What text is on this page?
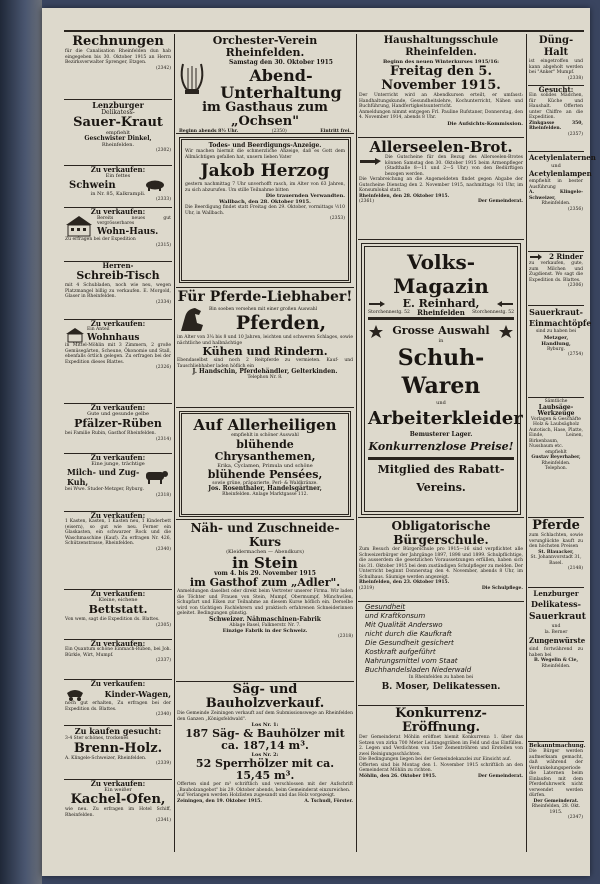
Rechnungen

für die Canalisation Rheinfelden dun hab eingegeben bis 30. Oktober 1915 an Herrn Bezirksverwalter Sprenger, Etzgen.

(2342)

Lenzburger

Delikatess-

Sauer-Kraut

empfiehlt

Geschwister Dinkel,

Rheinfelden.

(2302)

Zu verkaufen:

Ein fettes

Schwein

in Nr. 85, Kalkrampli.

(2333)

Zu verkaufen:

Bereits neues gut vergrösserbares

Wohn-Haus.

Zu erfragen bei der Expedition

(2315)

Herren-

Schreib-Tisch

mit 4 Schubladen, noch wie neu, wegen Platzmangel billig zu verkaufen. E. Morgold, Glaser in Rheinfelden.

(2334)

Zu verkaufen:

Ein Anteil

Wohnhaus

in Mittel-Möhlin mit 3 Zimmern, 2 große Gemüsegärten, Scheune, Ökonomie und Stall, ebenfalls örtlich gelegen. Zu erfragen bei der Expedition dieses Blattes.

(2326)

Zu verkaufen:

Gute und gesunde gelbe

Pfälzer-Rüben

bei Familie Rubin, Gasthof Rheinfelden.

(2314)

Zu verkaufen:

Eine junge, trächtige

Milch- und Zug-Kuh,

bei Wwe. Studer-Metzger, Ryburg.

(2318)

Zu verkaufen:

1 Kasten, Kasten, 1 Kasten neu, 1 Kinderbett (eisern), so gut wie neu. Ferner ein Glaskasten, ein schwarzer Rock und die Waschmaschine (Kauf). Zu erfragen Nr. 426, Schützenstrasse, Rheinfelden.

(2340)

Zu verkaufen:

Kleine, eichene

Bettstatt.

Von wem, sagt die Expedition ds. Blattes.

(2305)

Zu verkaufen:

Ein Quantum schöne Einmach-Rüben, bei Joh. Bürkle, Wirt, Mumpf.

(2337)

Zu verkaufen:

Kinder-Wagen,

noch gut erhalten, Zu erfragen bei der Expedition ds. Blattes.

(2340)

Zu kaufen gesucht:

3-4 Ster schönes, trockenes

Brenn-Holz.

A. Klingele-Schweizer, Rheinfelden.

(2339)

Zu verkaufen:

Ein weißer

Kachel-Ofen,

wie neu. Zu erfragen im Hotel Schiff, Rheinfelden.

(2341)

Orchester-Verein Rheinfelden.

Samstag den 30. Oktober 1915

Abend-Unterhaltung

im Gasthaus zum „Ochsen"

Beginn abends 8½ Uhr.	(2350)	Eintritt frei.

Todes- und Beerdigungs-Anzeige.

Wir machen hiermit die schmerzliche Anzeige, daß es Gott dem Allmächtigen gefallen hat, unsern lieben Vater

Jakob Herzog

gestern nachmittag 7 Uhr unverhofft rasch, im Alter von 63 Jahren, zu sich abzurufen. Um stille Teilnahme bitten

Die trauernden Verwandten.

Wallbach, den 28. Oktober 1915.

Die Beerdigung findet statt Freitag den 29. Oktober, vormittags ½10 Uhr, in Wallbach.

(2353)

Für Pferde-Liebhaber!

Bin soeben versehen mit einer großen Auswahl

Pferden,

im Alter von 3¼ bis 8 und 10 Jahren, leichten und schweren Schlages, sowie nächtliche und halbnächtige

Kühen und Rindern.

Ebendaselbst sind noch 2 Reitpferde zu vermieten. Kauf- und Tauschliebhaber laden höflich ein

J. Handschin, Pferdehändler, Gelterkinden.

Telephon Nr. 8.

Auf Allerheiligen

empfiehlt in schöner Auswahl

blühende Chrysanthemen,

Erika, Cyclamen, Primula und schöne

blühende Pensées,

sowie grüne, präparierte, Perl- & Waldkränze.

Jos. Rosenthaler, Handelsgärtner,

Rheinfelden. Anlage Marktgasse 112.

Näh- und Zuschneide-Kurs

(Kleidermachen — Abendkurs)

in Stein

vom 4. bis 29. November 1915

im Gasthof zum „Adler".

Anmeldungen daselbst oder direkt beim Vertreter unserer Firma. Wir laden die Töchter und Frauen von Stein, Mumpf, Obermumpf, Münchwilen, Schupfart und Eiken zur Teilnahme an diesem Kurse höflich ein. Derselbe wird von tüchtigen Fachlehrern und praktisch erfahrenen Schneiderinnen geleitet. Bedingungen günstig.

Schweizer. Nähmaschinen-Fabrik

Ablage Basel, Falknerstr. Nr. 7.

Einzige Fabrik in der Schweiz.

(2318)

Säg- und Bauholzverkauf.

Die Gemeinde Zeiningen verkauft auf dem Submissionswege an Rheinfelden den Ganzen „Königsfeldwald".

Los Nr. 1:

187 Säg- & Bauhölzer mit ca. 187,14 m³.

Los Nr. 2:

52 Sperrhölzer mit ca. 15,45 m³.

Offerten sind per m³ schriftlich und verschlossen mit der Aufschrift „Bauholzangebot" bis 29. Oktober abends, beim Gemeinderat einzureichen.

Auf Verlangen werden Holzlisten zugesandt und das Holz vorgezeigt.

Zeiningen, den 19. Oktober 1915.	A. Tschudi, Förster.

Haushaltungsschule Rheinfelden.

Beginn des neuen Winterkurses 1915/16:

Freitag den 5. November 1915.

Der Unterricht wird an Abendkursen erteilt, er umfasst: Handhaltungskunde, Gesundheitslehre, Kochunterricht, Nähen und Buchführung, Handfertigkeitsunterricht.

Anmeldungen nimmt entgegen Frl. Pauline Rufstaner, Donnerstag, den 4. November 1914, abends 8 Uhr.

Die Aufsichts-Kommission.

Allerseelen-Brot.

Die Gutscheine für den Bezug des Allerseelen-Brotes können Samstag den 30. Oktober 1915 beim Armenpfleger (Stadthalle 8—11 und 2—5 Uhr) von den Bedürftigen bezogen werden.

Die Verabreichung an die Angemeldeten findet gegen Abgabe der Gutscheine Dienstag den 2. November 1915, nachmittags ½1 Uhr, im Konsumlokal statt.

Rheinfelden, den 28. Oktober 1915.

(2361)	Der Gemeinderat.

Volks-Magazin

E. Reinhard,
Storchennestg. 52 Rheinfelden Storchennestg. 52
Grosse Auswahl

in

Schuh-Waren

und

Arbeiterkleider

Bemusterer Lager.

Konkurrenzlose Preise!

Mitglied des Rabatt-Vereins.

Obligatorische Bürgerschule.

Zum Besuch der Bürgerschule pro 1915—16 sind verpflichtet alle Schweizerbürger der Jahrgänge 1897, 1898 und 1899. Schulpflichtige, die ausserdem die gesetzlichen Voraussetzungen erfüllen, haben sich bis 31. Oktober 1915 bei dem zuständigen Schulpfleger zu melden. Der Unterricht beginnt Donnerstag den 4. November, abends 8 Uhr, im Schulhaus. Säumige werden angezeigt.

Rheinfelden, den 23. Oktober 1915.

(2319)	Die Schulpflege.

Gesundheit

und Kraftkonsum

Mit Qualität Anderswo

nicht durch die Kaufkraft

Die Gesundheit gesichert

Kostkraft aufgeführt

Nahrungsmittel vom Staat

Buchhandelsladen Niederwald

In Rheinfelden zu haben bei

B. Moser, Delikatessen.

Konkurrenz-Eröffnung.

Der Gemeinderat Möhlin eröffnet hiemit Konkurrenz: 1. über das Setzen von zirka 700 Meter Leitungsgräben im Feld und das Einfüllen. 2. Legen und Verdichten von 15er Zementröhren und Erstellen von zwei Reinigungsschächten.

Die Bedingungen liegen bei der Gemeindekanzlei zur Einsicht auf.

Offerten sind bis Montag den 1. November 1915 schriftlich an den Gemeinderat Möhlin zu richten.

Möhlin, den 26. Oktober 1915.	Der Gemeinderat.

Düng-Halt

ist eingetroffen und kann abgeholt werden bei "Anker" Mumpf.

(2338)

Gesucht:

Ein solides Mädchen, für Küche und Haushalt. Offerten unter Chiffre an die Expedition.

Zinkgasse 350, Rheinfelden.

(2357)

Acetylenlaternen

und

Acetylenlampen

empfiehlt in bester Ausführung

A. Klingele-Schweizer,

Rheinfelden.

(2356)

2 Rinder

zu verkaufen, gute, zum Milchen und Zugdienst. Wo sagt die Expedition ds. Blattes.

(2306)

Sauerkraut-

Einmachtöpfe

sind zu haben bei

Metzger, Handlung,

Ryburg.

(2754)

Sämtliche

Laubsäge-Werkzeuge

Vorlagen & Geschäfte

Holz & Laubsägholz

Autotisch, Hase, Platte, Einde, Leinen, Birkenbaum, Nussbaum etc.

empfiehlt

Gustav Beyerhaber,

Rheinfelden.

Telephon.

Pferde

zum Schlachten, sowie verunglückte kauft zu den höchsten Preisen

St. Blauacker,

St. Johannvorstadt 31, Basel.

(2148)

Lenzburger

Delikatess-

Sauerkraut

und

la. Berner

Zungenwürste

sind fortwährend zu haben bei

B. Wegelin & Cie,

Rheinfelden.

Bekanntmachung.

Die Bürger werden aufmerksam gemacht, daß während der Verdunkelungsperiode die Laternen beim Einlaufen mit dem Pferdefuhrwerk nicht verwendet werden dürfen.

Der Gemeinderat.

Rheinfelden, 28. Okt. 1915.

(2347)
